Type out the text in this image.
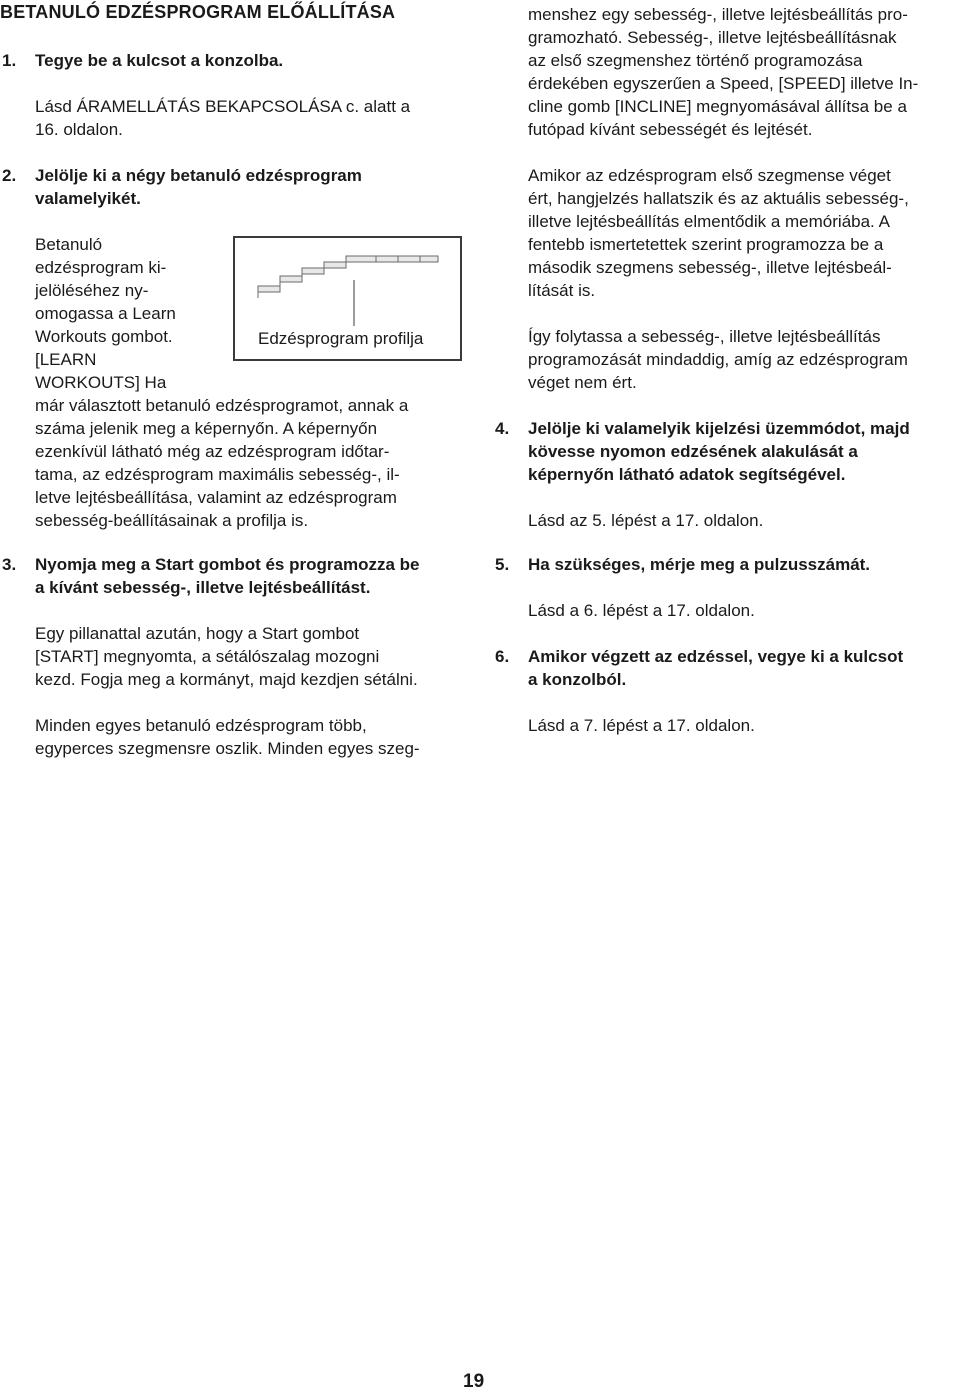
BETANULÓ EDZÉSPROGRAM ELŐÁLLÍTÁSA
1. Tegye be a kulcsot a konzolba.
Lásd ÁRAMELLÁTÁS BEKAPCSOLÁSA c. alatt a
16. oldalon.
2. Jelölje ki a négy betanuló edzésprogram
valamelyikét.
Betanuló
edzésprogram ki-
jelöléséhez ny-
omogassa a Learn
Workouts gombot.
[LEARN
WORKOUTS] Ha
Edzésprogram profilja
már választott betanuló edzésprogramot, annak a
száma jelenik meg a képernyőn. A képernyőn
ezenkívül látható még az edzésprogram időtar-
tama, az edzésprogram maximális sebesség-, il-
letve lejtésbeállítása, valamint az edzésprogram
sebesség-beállításainak a profilja is.
3. Nyomja meg a Start gombot és programozza be
a kívánt sebesség-, illetve lejtésbeállítást.
Egy pillanattal azután, hogy a Start gombot
[START] megnyomta, a sétálószalag mozogni
kezd. Fogja meg a kormányt, majd kezdjen sétálni.
Minden egyes betanuló edzésprogram több,
egyperces szegmensre oszlik. Minden egyes szeg-
menshez egy sebesség-, illetve lejtésbeállítás pro-
gramozható. Sebesség-, illetve lejtésbeállításnak
az első szegmenshez történő programozása
érdekében egyszerűen a Speed, [SPEED] illetve In-
cline gomb [INCLINE] megnyomásával állítsa be a
futópad kívánt sebességét és lejtését.
Amikor az edzésprogram első szegmense véget
ért, hangjelzés hallatszik és az aktuális sebesség-,
illetve lejtésbeállítás elmentődik a memóriába. A
fentebb ismertetettek szerint programozza be a
második szegmens sebesség-, illetve lejtésbeál-
lítását is.
Így folytassa a sebesség-, illetve lejtésbeállítás
programozását mindaddig, amíg az edzésprogram
véget nem ért.
4. Jelölje ki valamelyik kijelzési üzemmódot, majd
kövesse nyomon edzésének alakulását a
képernyőn látható adatok segítségével.
Lásd az 5. lépést a 17. oldalon.
5. Ha szükséges, mérje meg a pulzusszámát.
Lásd a 6. lépést a 17. oldalon.
6. Amikor végzett az edzéssel, vegye ki a kulcsot
a konzolból.
Lásd a 7. lépést a 17. oldalon.
19
